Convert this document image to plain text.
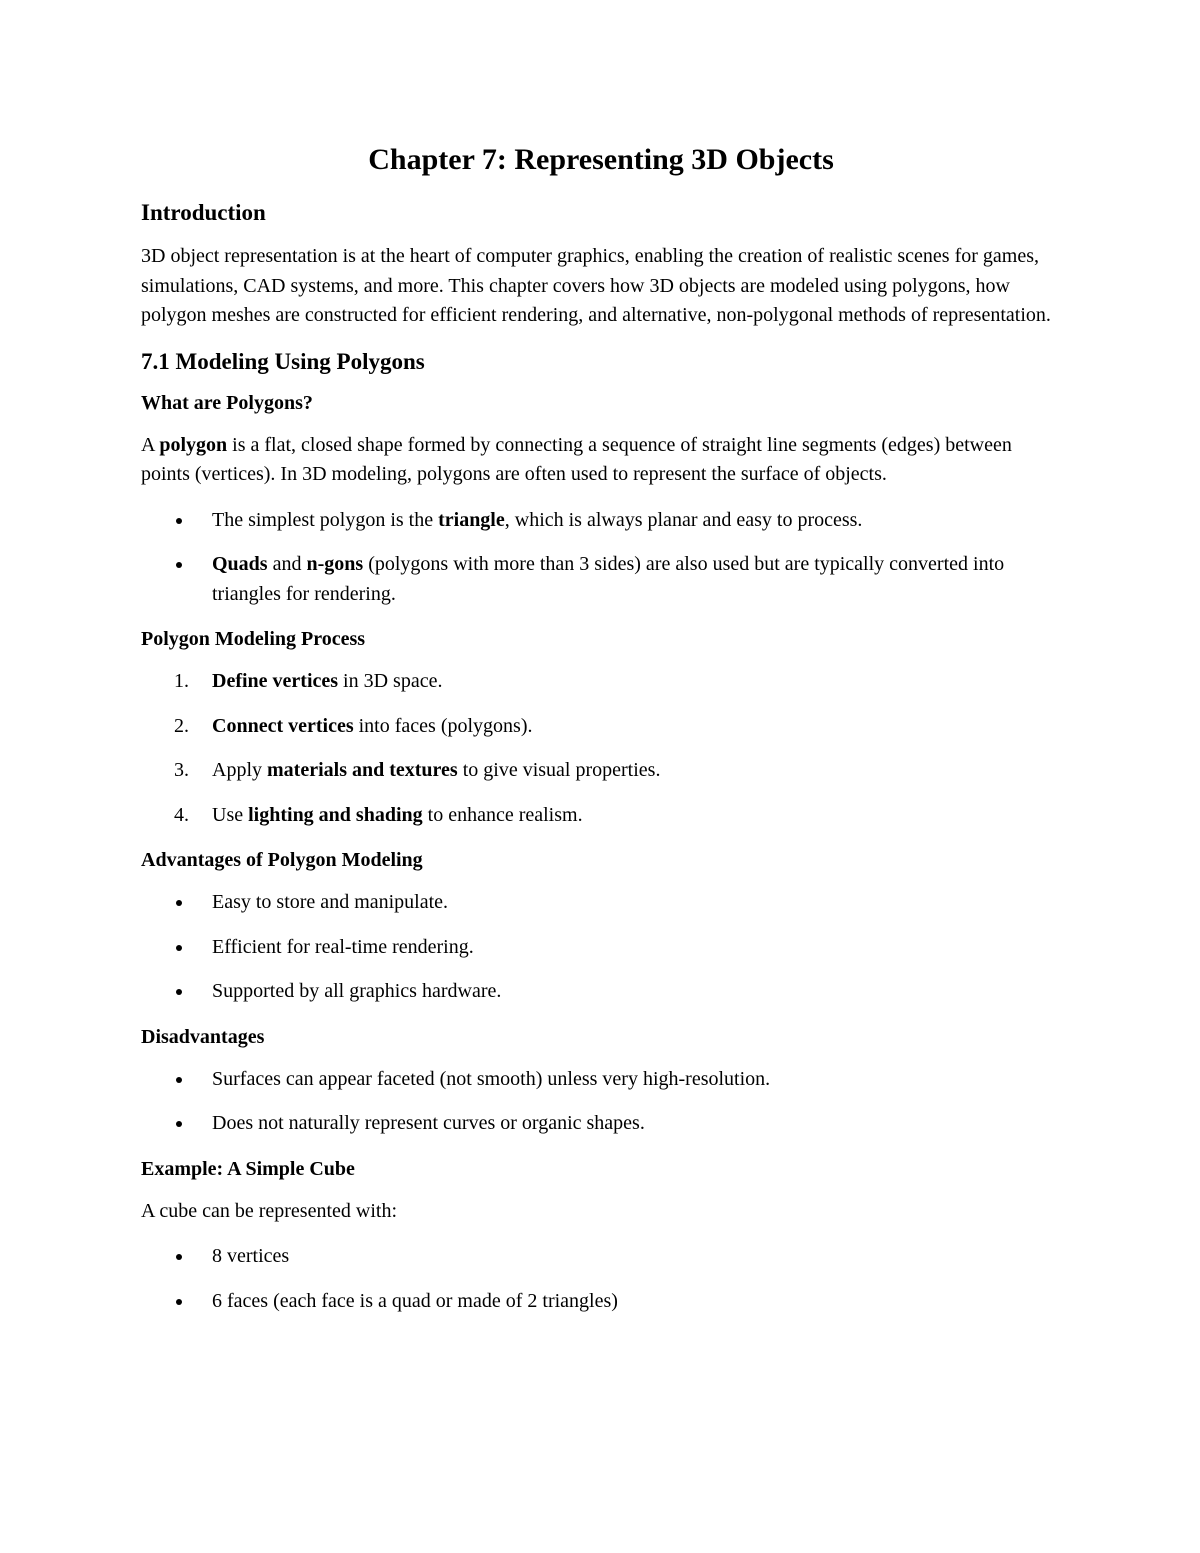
Chapter 7: Representing 3D Objects
Introduction

3D object representation is at the heart of computer graphics, enabling the creation of realistic scenes for games, simulations, CAD systems, and more. This chapter covers how 3D objects are modeled using polygons, how polygon meshes are constructed for efficient rendering, and alternative, non-polygonal methods of representation.

7.1 Modeling Using Polygons
What are Polygons?

A polygon is a flat, closed shape formed by connecting a sequence of straight line segments (edges) between points (vertices). In 3D modeling, polygons are often used to represent the surface of objects.

The simplest polygon is the triangle, which is always planar and easy to process.
Quads and n-gons (polygons with more than 3 sides) are also used but are typically converted into triangles for rendering.
Polygon Modeling Process
1. Define vertices in 3D space.
2. Connect vertices into faces (polygons).
3. Apply materials and textures to give visual properties.
4. Use lighting and shading to enhance realism.
Advantages of Polygon Modeling
Easy to store and manipulate.
Efficient for real-time rendering.
Supported by all graphics hardware.
Disadvantages
Surfaces can appear faceted (not smooth) unless very high-resolution.
Does not naturally represent curves or organic shapes.
Example: A Simple Cube

A cube can be represented with:

8 vertices
6 faces (each face is a quad or made of 2 triangles)
